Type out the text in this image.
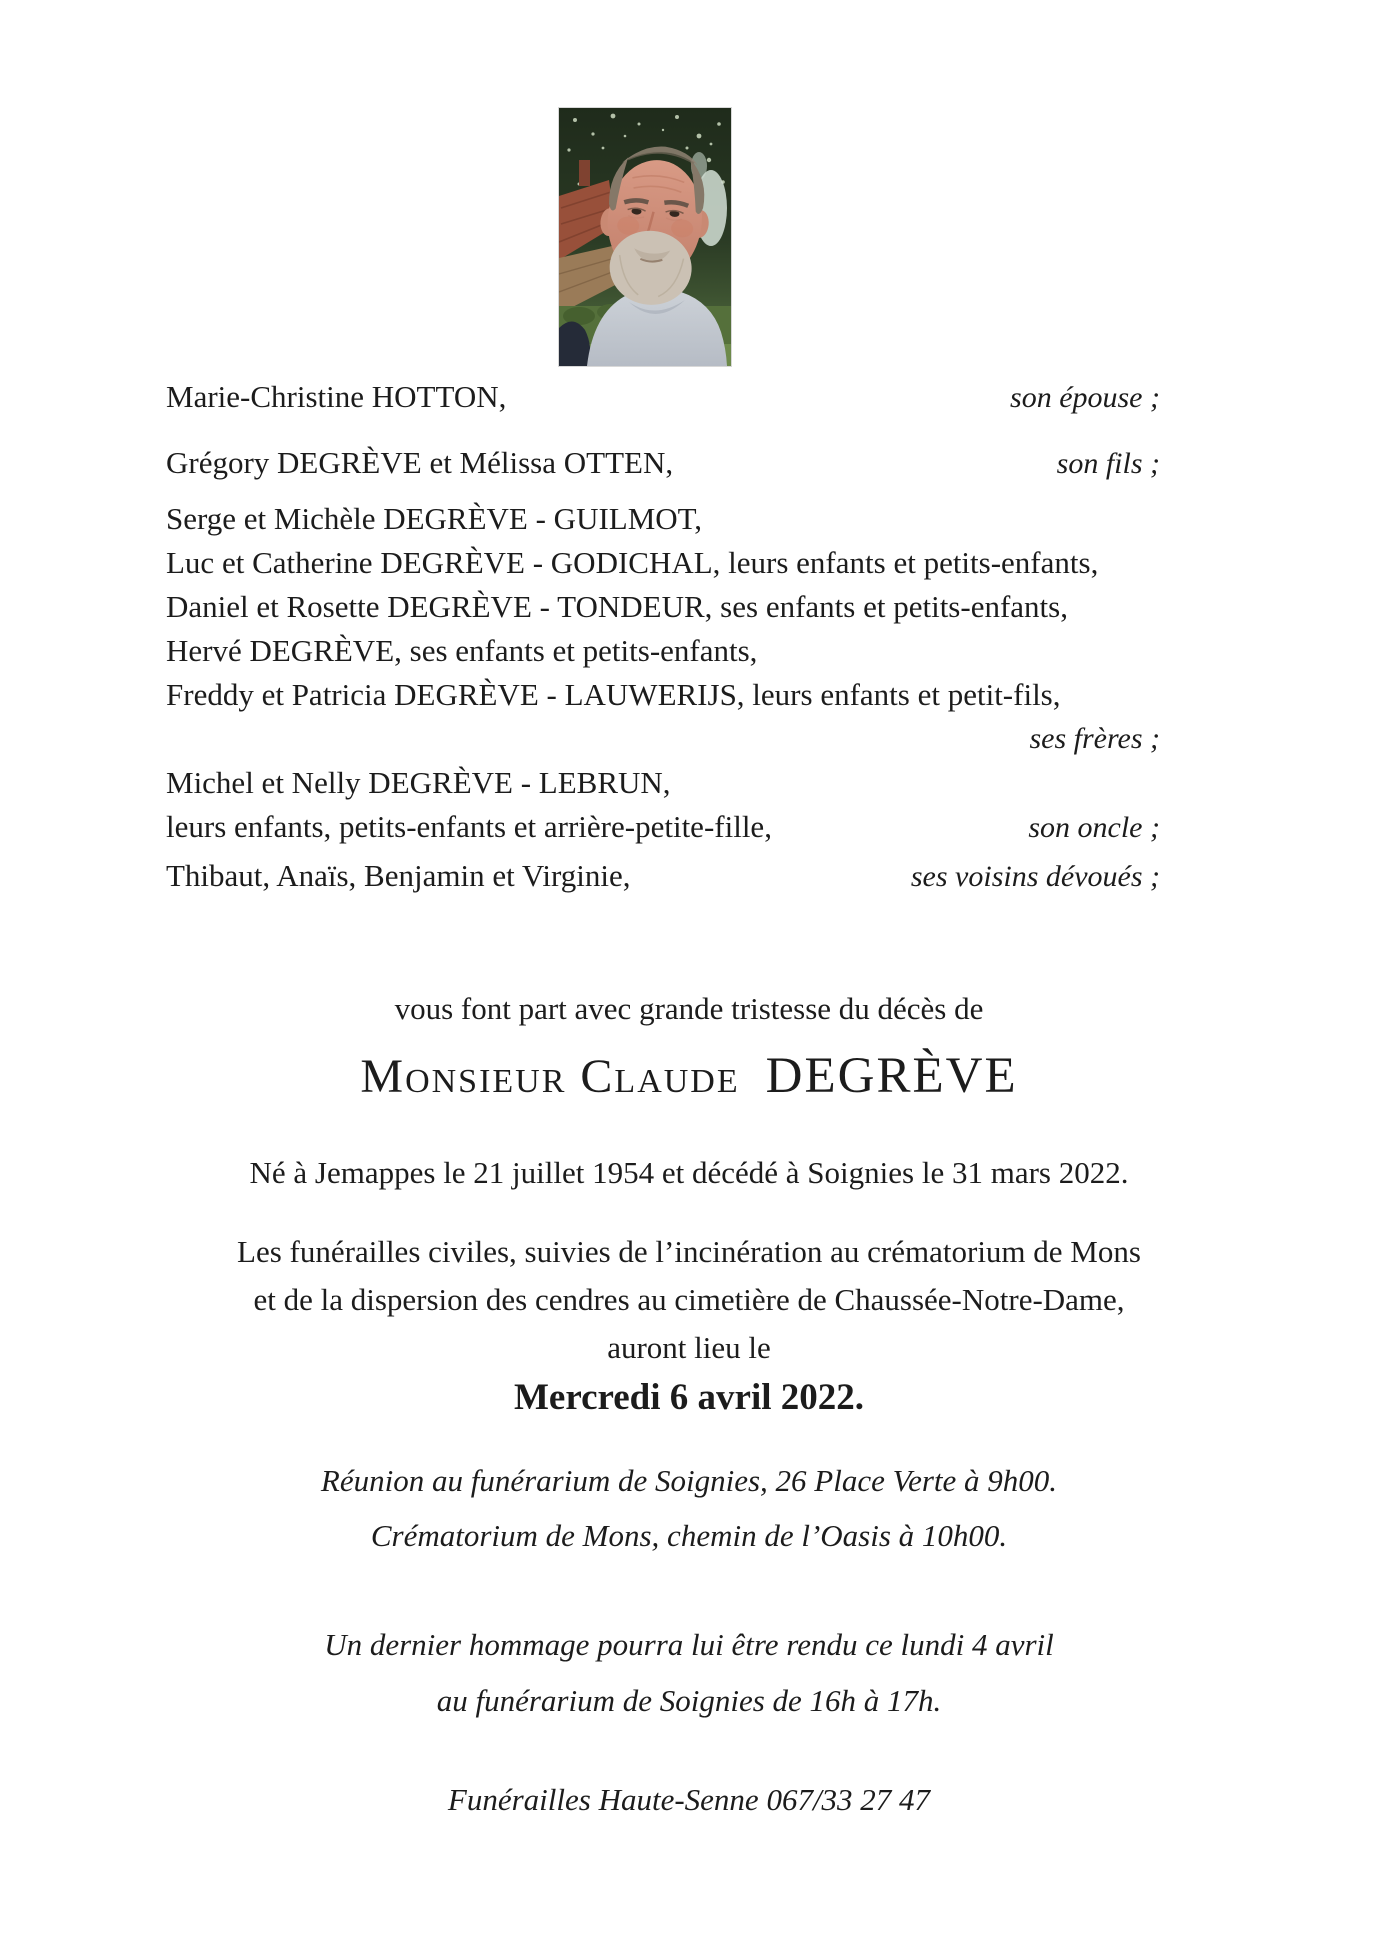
Marie-Christine HOTTON,	son épouse ;
Grégory DEGRÈVE et Mélissa OTTEN,	son fils ;
Serge et Michèle DEGRÈVE - GUILMOT,
Luc et Catherine DEGRÈVE - GODICHAL, leurs enfants et petits-enfants,
Daniel et Rosette DEGRÈVE - TONDEUR, ses enfants et petits-enfants,
Hervé DEGRÈVE, ses enfants et petits-enfants,
Freddy et Patricia DEGRÈVE - LAUWERIJS, leurs enfants et petit-fils,
ses frères ;
Michel et Nelly DEGRÈVE - LEBRUN,
leurs enfants, petits-enfants et arrière-petite-fille,	son oncle ;
Thibaut, Anaïs, Benjamin et Virginie,	ses voisins dévoués ;
vous font part avec grande tristesse du décès de
Monsieur Claude DEGRÈVE
Né à Jemappes le 21 juillet 1954 et décédé à Soignies le 31 mars 2022.
Les funérailles civiles, suivies de l’incinération au crématorium de Mons
et de la dispersion des cendres au cimetière de Chaussée-Notre-Dame,
auront lieu le
Mercredi 6 avril 2022.
Réunion au funérarium de Soignies, 26 Place Verte à 9h00.
Crématorium de Mons, chemin de l’Oasis à 10h00.
Un dernier hommage pourra lui être rendu ce lundi 4 avril
au funérarium de Soignies de 16h à 17h.
Funérailles Haute-Senne 067/33 27 47
